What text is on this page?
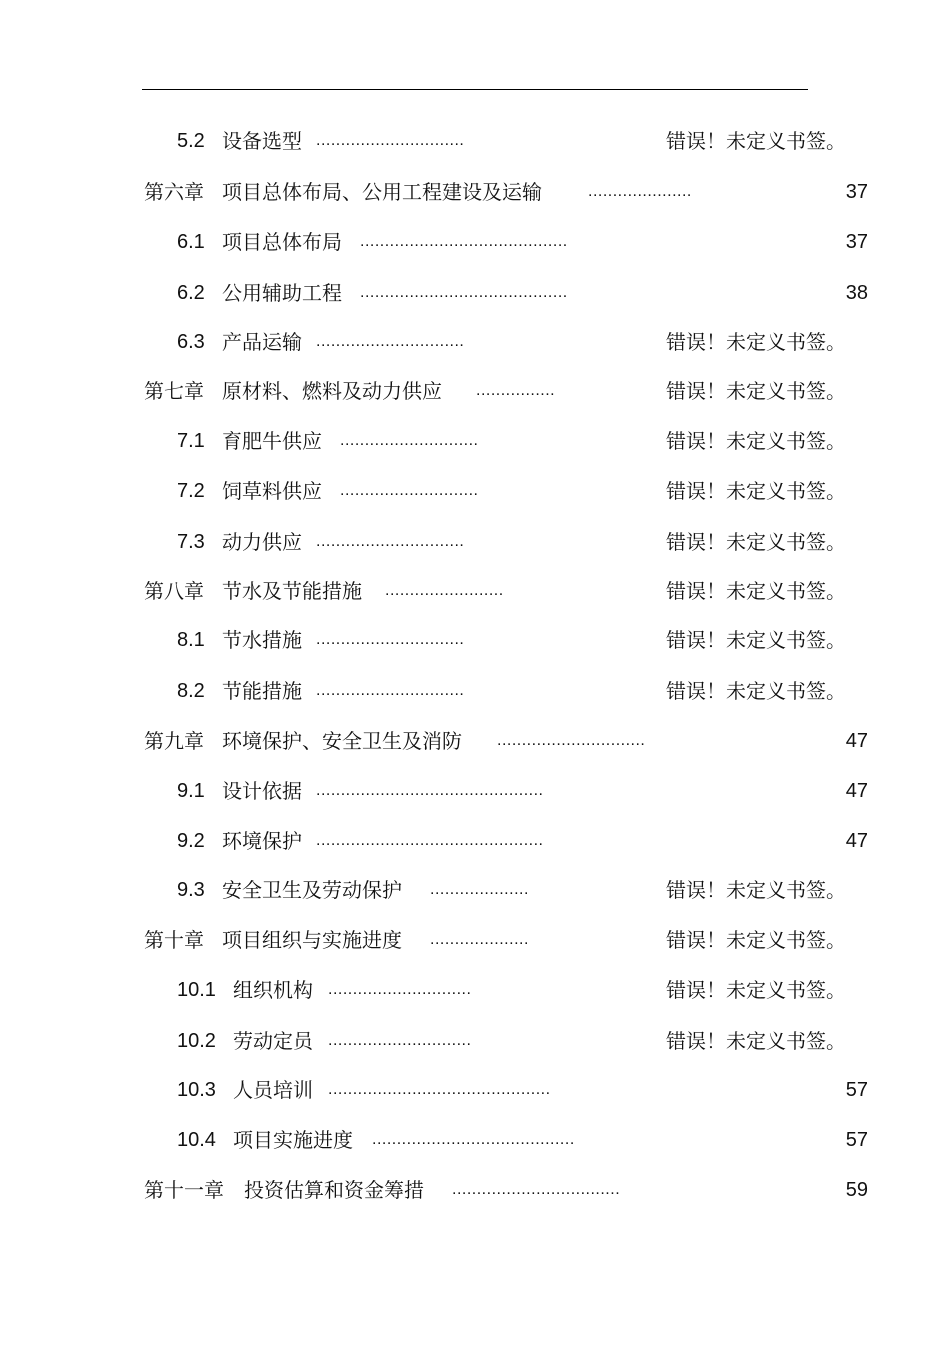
5.2 设备选型 ..............................	错误！未定义书签。
第六章 项目总体布局、公用工程建设及运输	.....................	37
6.1 项目总体布局 ..........................................	37
6.2 公用辅助工程 ..........................................	38
6.3 产品运输 ..............................	错误！未定义书签。
第七章 原材料、燃料及动力供应 ................	错误！未定义书签。
7.1 育肥牛供应 ............................	错误！未定义书签。
7.2 饲草料供应 ............................	错误！未定义书签。
7.3 动力供应 ..............................	错误！未定义书签。
第八章 节水及节能措施 ........................	错误！未定义书签。
8.1 节水措施 ..............................	错误！未定义书签。
8.2 节能措施 ..............................	错误！未定义书签。
第九章 环境保护、安全卫生及消防 ..............................	47
9.1 设计依据 ..............................................	47
9.2 环境保护 ..............................................	47
9.3 安全卫生及劳动保护 ....................	错误！未定义书签。
第十章 项目组织与实施进度 ....................	错误！未定义书签。
10.1 组织机构 .............................	错误！未定义书签。
10.2 劳动定员 .............................	错误！未定义书签。
10.3 人员培训 .............................................	57
10.4 项目实施进度 .........................................	57
第十一章 投资估算和资金筹措 ..................................	59
